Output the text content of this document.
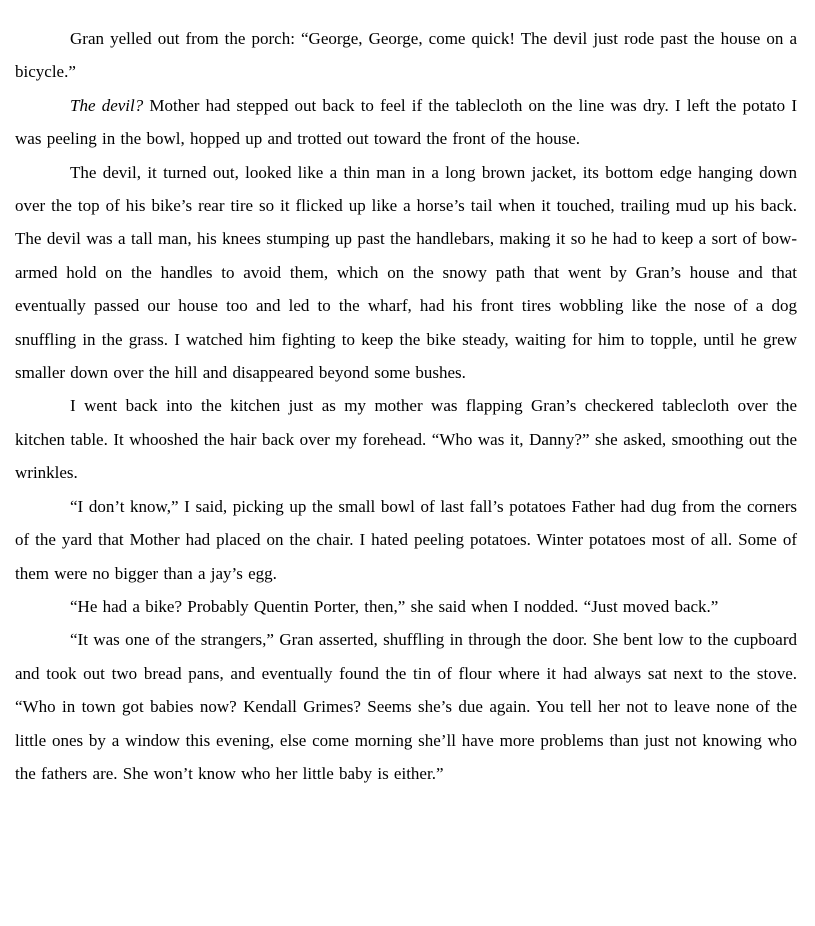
Gran yelled out from the porch: “George, George, come quick! The devil just rode past the house on a bicycle.”

The devil? Mother had stepped out back to feel if the tablecloth on the line was dry. I left the potato I was peeling in the bowl, hopped up and trotted out toward the front of the house.

The devil, it turned out, looked like a thin man in a long brown jacket, its bottom edge hanging down over the top of his bike’s rear tire so it flicked up like a horse’s tail when it touched, trailing mud up his back. The devil was a tall man, his knees stumping up past the handlebars, making it so he had to keep a sort of bow-armed hold on the handles to avoid them, which on the snowy path that went by Gran’s house and that eventually passed our house too and led to the wharf, had his front tires wobbling like the nose of a dog snuffling in the grass. I watched him fighting to keep the bike steady, waiting for him to topple, until he grew smaller down over the hill and disappeared beyond some bushes.

I went back into the kitchen just as my mother was flapping Gran’s checkered tablecloth over the kitchen table. It whooshed the hair back over my forehead. “Who was it, Danny?” she asked, smoothing out the wrinkles.

“I don’t know,” I said, picking up the small bowl of last fall’s potatoes Father had dug from the corners of the yard that Mother had placed on the chair. I hated peeling potatoes. Winter potatoes most of all. Some of them were no bigger than a jay’s egg.

“He had a bike? Probably Quentin Porter, then,” she said when I nodded. “Just moved back.”

“It was one of the strangers,” Gran asserted, shuffling in through the door. She bent low to the cupboard and took out two bread pans, and eventually found the tin of flour where it had always sat next to the stove. “Who in town got babies now? Kendall Grimes? Seems she’s due again. You tell her not to leave none of the little ones by a window this evening, else come morning she’ll have more problems than just not knowing who the fathers are. She won’t know who her little baby is either.”
